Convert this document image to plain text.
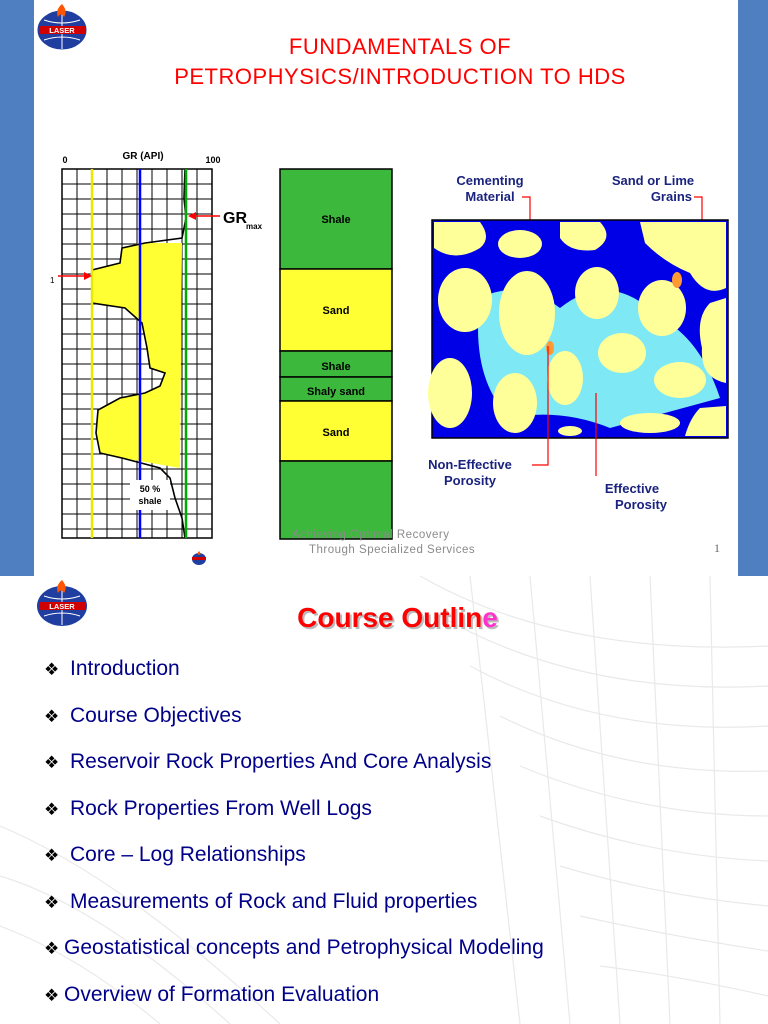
LASER
FUNDAMENTALS OF
PETROPHYSICS/INTRODUCTION TO HDS
0	GR (API)	100
50 %
shale
GR max
1
Shale
Sand
Shale
Shaly sand
Sand
Cementing
Material
Sand or Lime
Grains
Non-Effective
Porosity
Effective
Porosity
Achieving Optimal Recovery
Through Specialized Services	1
LASER	Course Outline
❖ Introduction
❖ Course Objectives
❖ Reservoir Rock Properties And Core Analysis
❖ Rock Properties From Well Logs
❖ Core – Log Relationships
❖ Measurements of Rock and Fluid properties
❖ Geostatistical concepts and Petrophysical Modeling
❖ Overview of Formation Evaluation
